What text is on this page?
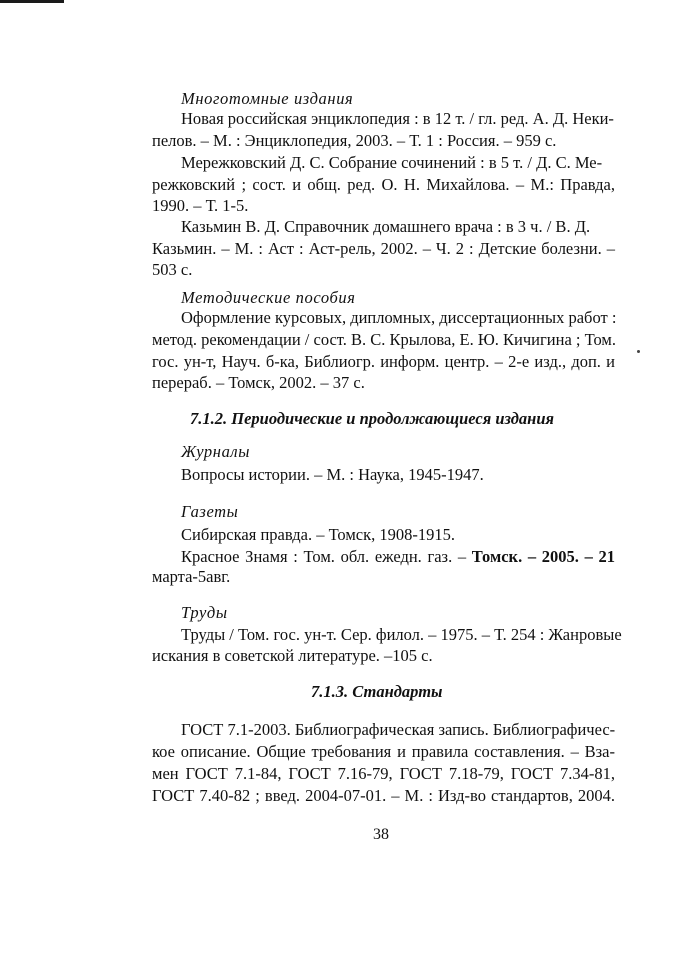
Многотомные издания

Новая российская энциклопедия : в 12 т. / гл. ред. А. Д. Неки-

пелов. – М. : Энциклопедия, 2003. – Т. 1 : Россия. – 959 с.

Мережковский Д. С. Собрание сочинений : в 5 т. / Д. С. Ме-

режковский ; сост. и общ. ред. О. Н. Михайлова. – М.: Правда,

1990. – Т. 1-5.

Казьмин В. Д. Справочник домашнего врача : в 3 ч. / В. Д.

Казьмин. – М. : Аст : Аст-рель, 2002. – Ч. 2 : Детские болезни. –

503 с.

Методические пособия

Оформление курсовых, дипломных, диссертационных работ :

метод. рекомендации / сост. В. С. Крылова, Е. Ю. Кичигина ; Том.

гос. ун-т, Науч. б-ка, Библиогр. информ. центр. – 2-е изд., доп. и

перераб. – Томск, 2002. – 37 с.

7.1.2. Периодические и продолжающиеся издания

Журналы

Вопросы истории. – М. : Наука, 1945-1947.

Газеты

Сибирская правда. – Томск, 1908-1915.

Красное Знамя : Том. обл. ежедн. газ. – Томск. – 2005. – 21

марта-5авг.

Труды

Труды / Том. гос. ун-т. Сер. филол. – 1975. – Т. 254 : Жанровые

искания в советской литературе. –105 с.

7.1.3. Стандарты

ГОСТ 7.1-2003. Библиографическая запись. Библиографичес-

кое описание. Общие требования и правила составления. – Вза-

мен ГОСТ 7.1-84, ГОСТ 7.16-79, ГОСТ 7.18-79, ГОСТ 7.34-81,

ГОСТ 7.40-82 ; введ. 2004-07-01. – М. : Изд-во стандартов, 2004.

38
